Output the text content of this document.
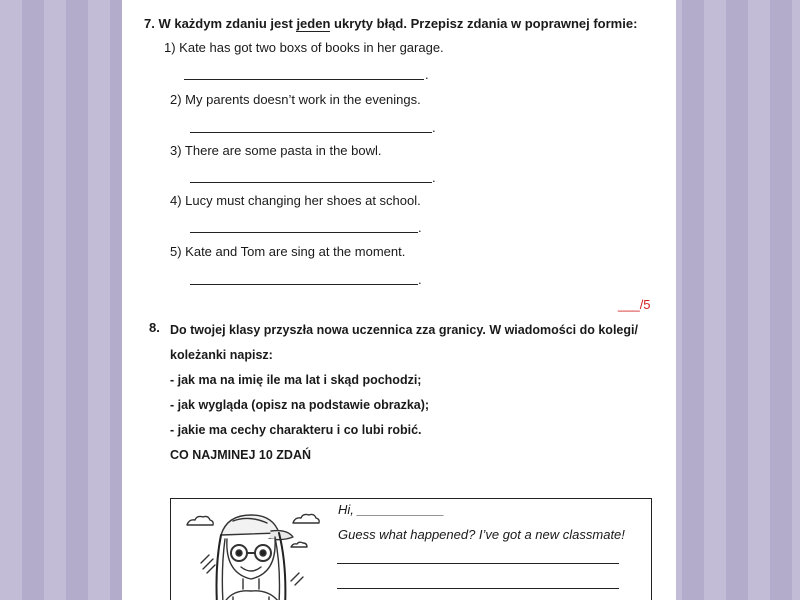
7. W każdym zdaniu jest jeden ukryty błąd. Przepisz zdania w poprawnej formie:
1) Kate has got two boxs of books in her garage.
.
2) My parents doesn’t work in the evenings.
.
3) There are some pasta in the bowl.
.
4) Lucy must changing her shoes at school.
.
5) Kate and Tom are sing at the moment.
.
___/5
8. Do twojej klasy przyszła nowa uczennica zza granicy. W wiadomości do kolegi/
koleżanki napisz:
- jak ma na imię ile ma lat i skąd pochodzi;
- jak wygląda (opisz na podstawie obrazka);
- jakie ma cechy charakteru i co lubi robić.
CO NAJMINEJ 10 ZDAŃ
Hi, ____________
Guess what happened? I’ve got a new classmate!
